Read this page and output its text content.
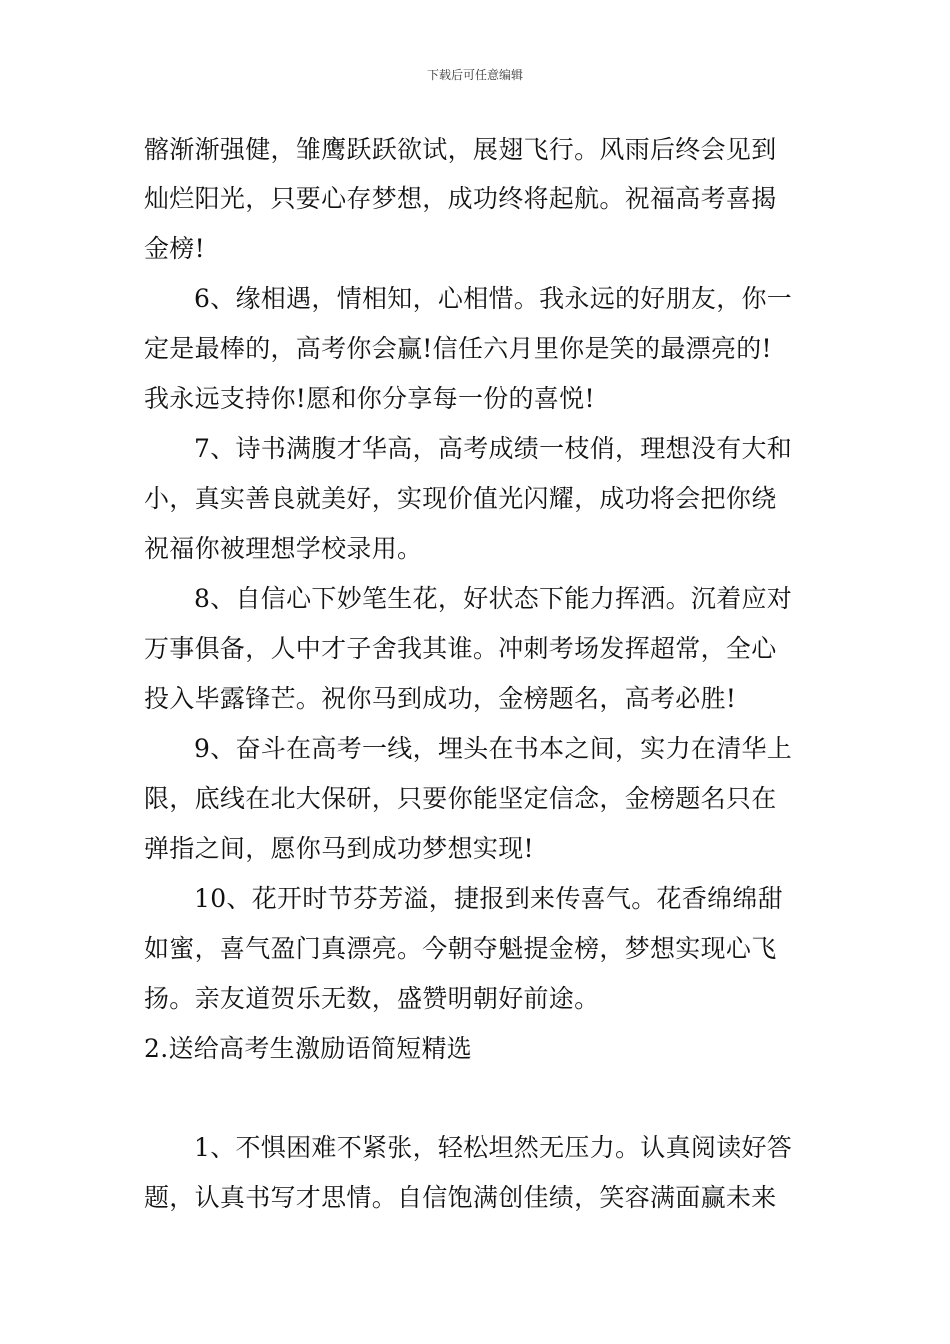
下载后可任意编辑
髂渐渐强健，雏鹰跃跃欲试，展翅飞行。风雨后终会见到
灿烂阳光，只要心存梦想，成功终将起航。祝福高考喜揭
金榜!
6、缘相遇，情相知，心相惜。我永远的好朋友，你一
定是最棒的，高考你会赢!信任六月里你是笑的最漂亮的!
我永远支持你!愿和你分享每一份的喜悦!
7、诗书满腹才华高，高考成绩一枝俏，理想没有大和
小，真实善良就美好，实现价值光闪耀，成功将会把你绕
祝福你被理想学校录用。
8、自信心下妙笔生花，好状态下能力挥洒。沉着应对
万事俱备，人中才子舍我其谁。冲刺考场发挥超常，全心
投入毕露锋芒。祝你马到成功，金榜题名，高考必胜!
9、奋斗在高考一线，埋头在书本之间，实力在清华上
限，底线在北大保研，只要你能坚定信念，金榜题名只在
弹指之间，愿你马到成功梦想实现!
10、花开时节芬芳溢，捷报到来传喜气。花香绵绵甜
如蜜，喜气盈门真漂亮。今朝夺魁提金榜，梦想实现心飞
扬。亲友道贺乐无数，盛赞明朝好前途。
2.送给高考生激励语简短精选
1、不惧困难不紧张，轻松坦然无压力。认真阅读好答
题，认真书写才思情。自信饱满创佳绩，笑容满面赢未来
